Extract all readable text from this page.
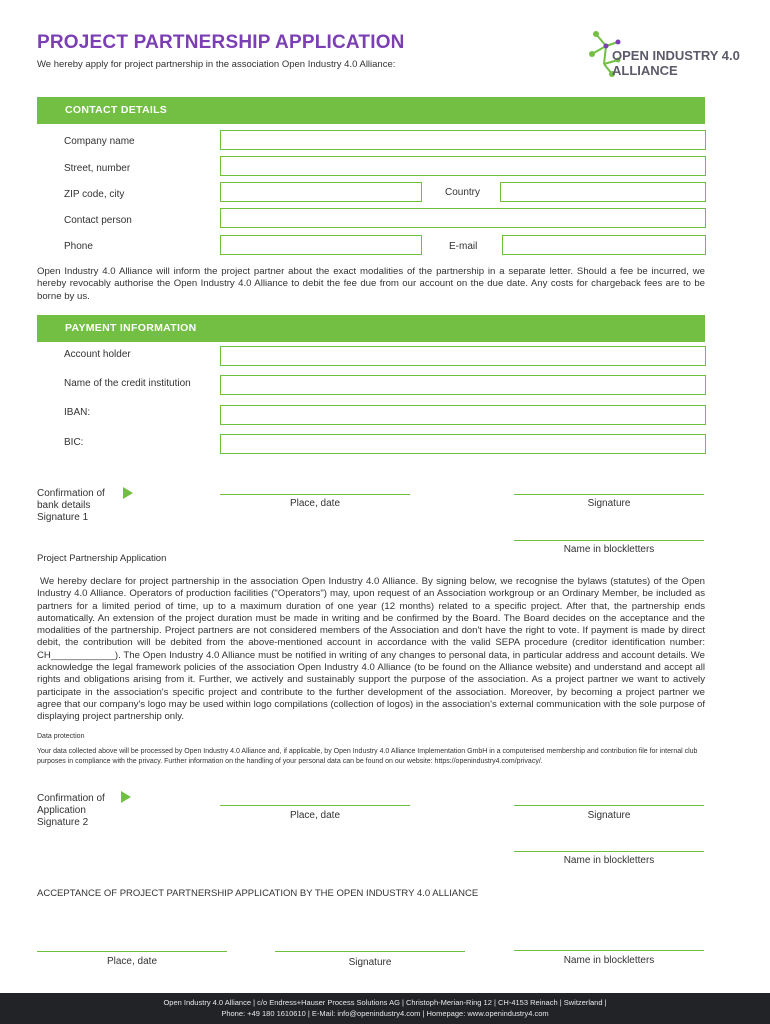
PROJECT PARTNERSHIP APPLICATION
We hereby apply for project partnership in the association Open Industry 4.0 Alliance:
OPEN INDUSTRY 4.0
ALLIANCE
CONTACT DETAILS
Company name
Street, number
ZIP code, city	Country
Contact person
Phone	E-mail
Open Industry 4.0 Alliance will inform the project partner about the exact modalities of the partnership in a separate letter. Should a fee be incurred, we hereby revocably authorise the Open Industry 4.0 Alliance to debit the fee due from our account on the due date. Any costs for chargeback fees are to be borne by us.
PAYMENT INFORMATION
Account holder
Name of the credit institution
IBAN:
BIC:
Confirmation of bank details Signature 1
Place, date	Signature
Name in blockletters
Project Partnership Application
We hereby declare for project partnership in the association Open Industry 4.0 Alliance. By signing below, we recognise the bylaws (statutes) of the Open Industry 4.0 Alliance. Operators of production facilities ("Operators") may, upon request of an Association workgroup or an Ordinary Member, be included as partners for a limited period of time, up to a maximum duration of one year (12 months) related to a specific project. After that, the partnership ends automatically. An extension of the project duration must be made in writing and be confirmed by the Board. The Board decides on the acceptance and the modalities of the partnership. Project partners are not considered members of the Association and don't have the right to vote. If payment is made by direct debit, the contribution will be debited from the above-mentioned account in accordance with the valid SEPA procedure (creditor identification number: CH____________). The Open Industry 4.0 Alliance must be notified in writing of any changes to personal data, in particular address and account details. We acknowledge the legal framework policies of the association Open Industry 4.0 Alliance (to be found on the Alliance website) and understand and accept all rights and obligations arising from it. Further, we actively and sustainably support the purpose of the association. As a project partner we want to actively participate in the association's specific project and contribute to the further development of the association. Moreover, by becoming a project partner we agree that our company's logo may be used within logo compilations (collection of logos) in the association's external communication with the sole purpose of displaying project partnership only.
Data protection
Your data collected above will be processed by Open Industry 4.0 Alliance and, if applicable, by Open Industry 4.0 Alliance Implementation GmbH in a computerised membership and contribution file for internal club purposes in compliance with the privacy. Further information on the handling of your personal data can be found on our website: https://openindustry4.com/privacy/.
Confirmation of Application Signature 2
Place, date	Signature
Name in blockletters
ACCEPTANCE OF PROJECT PARTNERSHIP APPLICATION BY THE OPEN INDUSTRY 4.0 ALLIANCE
Place, date	Signature	Name in blockletters
Open Industry 4.0 Alliance | c/o Endress+Hauser Process Solutions AG | Christoph-Merian-Ring 12 | CH-4153 Reinach | Switzerland |
Phone: +49 180 1610610 | E-Mail: info@openindustry4.com | Homepage: www.openindustry4.com
